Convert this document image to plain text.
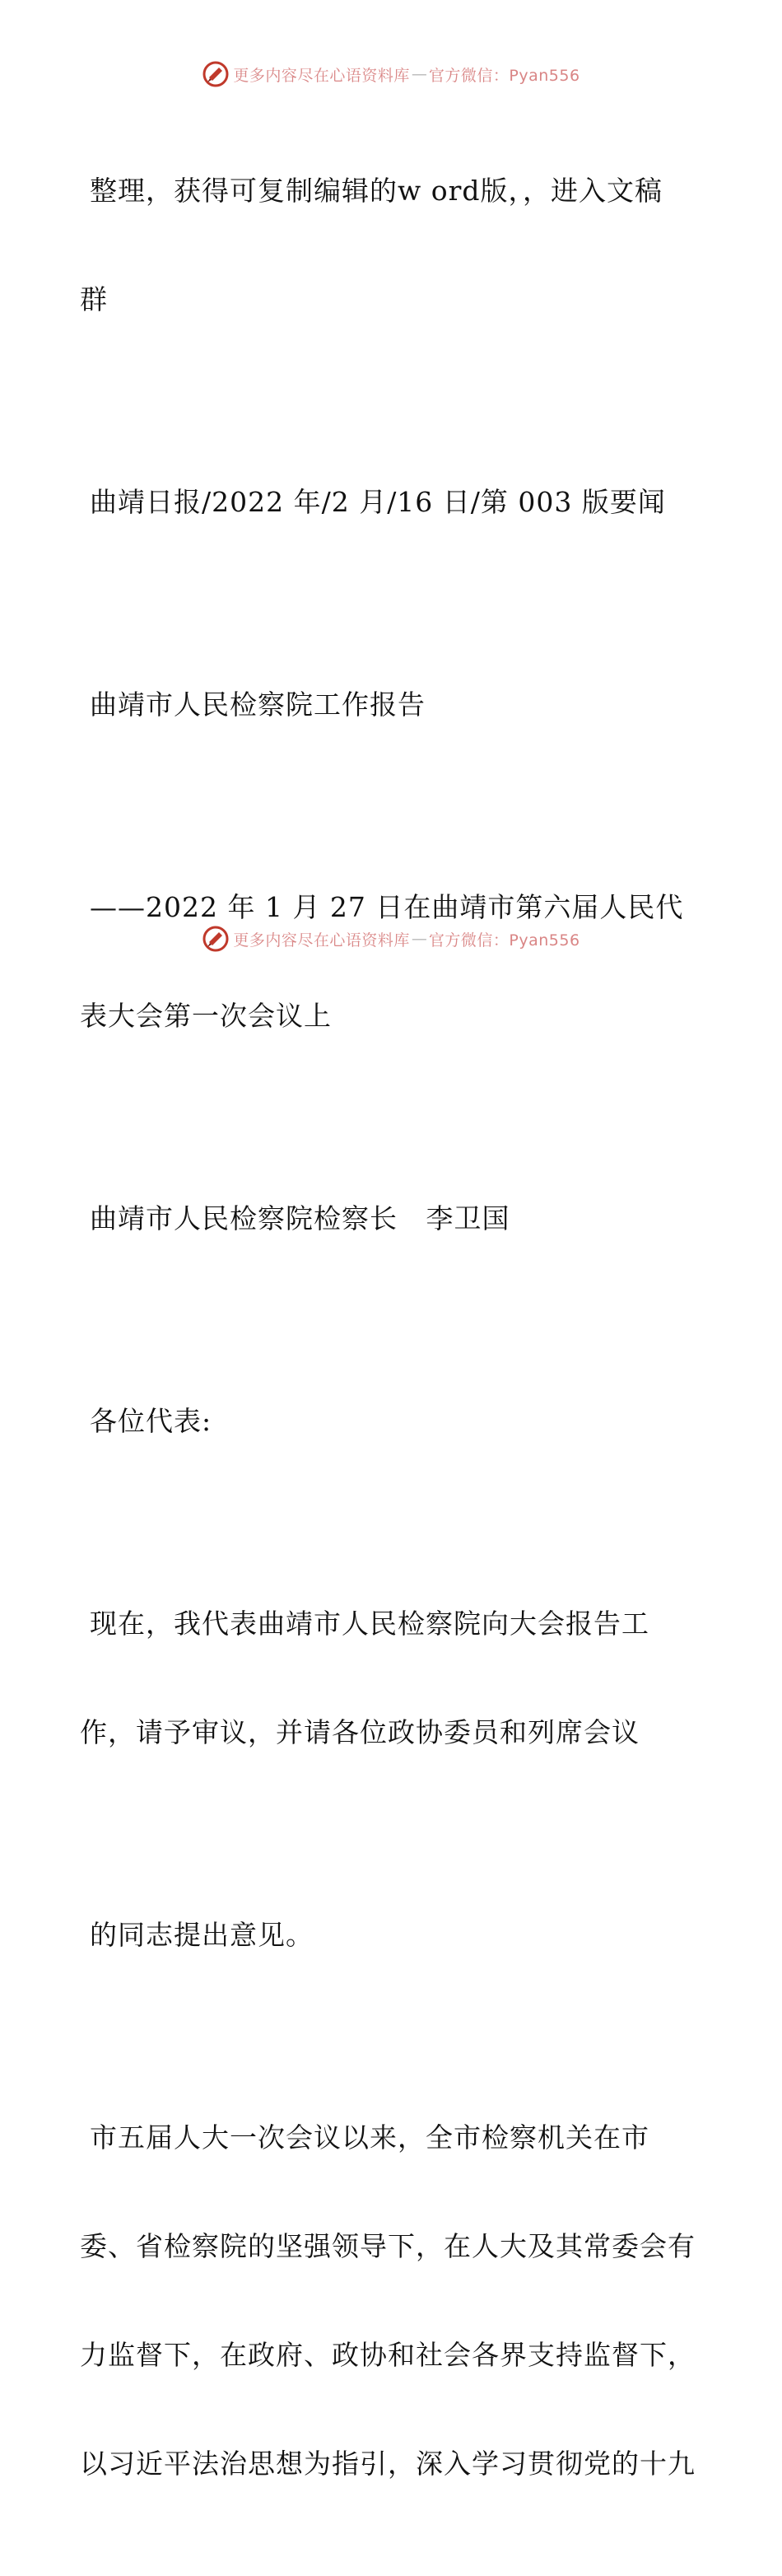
更多内容尽在心语资料库 — 官方微信：Pyan556

整理，获得可复制编辑的w ord版，，进入文稿

群

曲靖日报/2022 年/2 月/16 日/第 003 版要闻

曲靖市人民检察院工作报告

——2022 年 1 月 27 日在曲靖市第六届人民代

表大会第一次会议上

曲靖市人民检察院检察长   李卫国

各位代表:

现在，我代表曲靖市人民检察院向大会报告工

作，请予审议，并请各位政协委员和列席会议

的同志提出意见。

市五届人大一次会议以来，全市检察机关在市

委、省检察院的坚强领导下，在人大及其常委会有

力监督下，在政府、政协和社会各界支持监督下，

以习近平法治思想为指引，深入学习贯彻党的十九

更多内容尽在心语资料库 — 官方微信：Pyan556
